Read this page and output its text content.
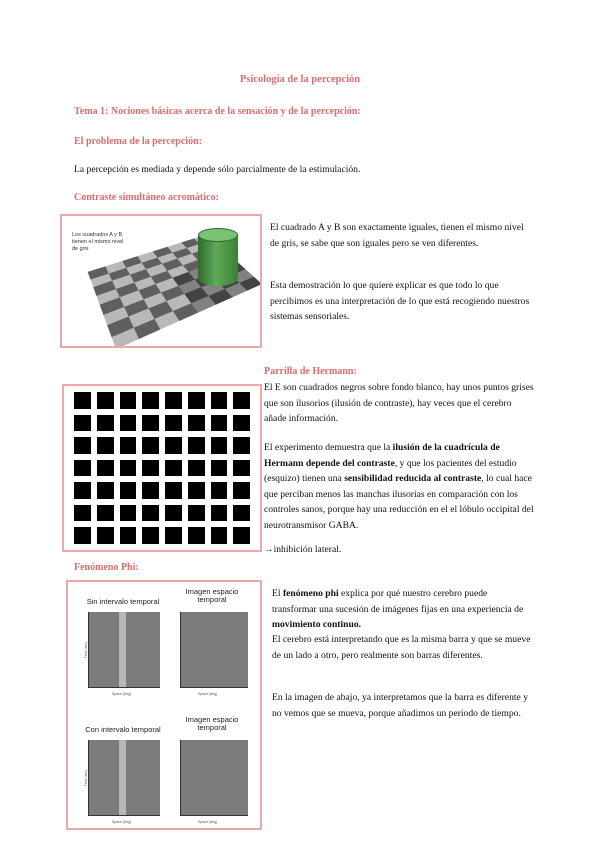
Psicología de la percepción
Tema 1: Nociones básicas acerca de la sensación y de la percepción:
El problema de la percepción:
La percepción es mediada y depende sólo parcialmente de la estimulación.
Contraste simultáneo acromático:
Los cuadrados A y B tienen el mismo nivel de gris
El cuadrado A y B son exactamente iguales, tienen el mismo nivel de gris, se sabe que son iguales pero se ven diferentes.
Esta demostración lo que quiere explicar es que todo lo que percibimos es una interpretación de lo que está recogiendo nuestros sistemas sensoriales.
Parrilla de Hermann:
El E son cuadrados negros sobre fondo blanco, hay unos puntos grises que son ilusorios (ilusión de contraste), hay veces que el cerebro añade información.
El experimento demuestra que la ilusión de la cuadrícula de Hermann depende del contraste, y que los pacientes del estudio (esquizo) tienen una sensibilidad reducida al contraste, lo cual hace que perciban menos las manchas ilusorias en comparación con los controles sanos, porque hay una reducción en el el lóbulo occipital del neurotransmisor GABA.
→inhibición lateral.
Fenómeno Phi:
Sin intervalo temporal
Time (sec)
Space (deg)
Imagen espacio temporal
Space (deg)
Con intervalo temporal
Time (sec)
Space (deg)
Imagen espacio temporal
Space (deg)
El fenómeno phi explica por qué nuestro cerebro puede transformar una sucesión de imágenes fijas en una experiencia de movimiento continuo.
El cerebro está interpretando que es la misma barra y que se mueve de un lado a otro, pero realmente son barras diferentes.
En la imagen de abajo, ya interpretamos que la barra es diferente y no vemos que se mueva, porque añadimos un periodo de tiempo.
